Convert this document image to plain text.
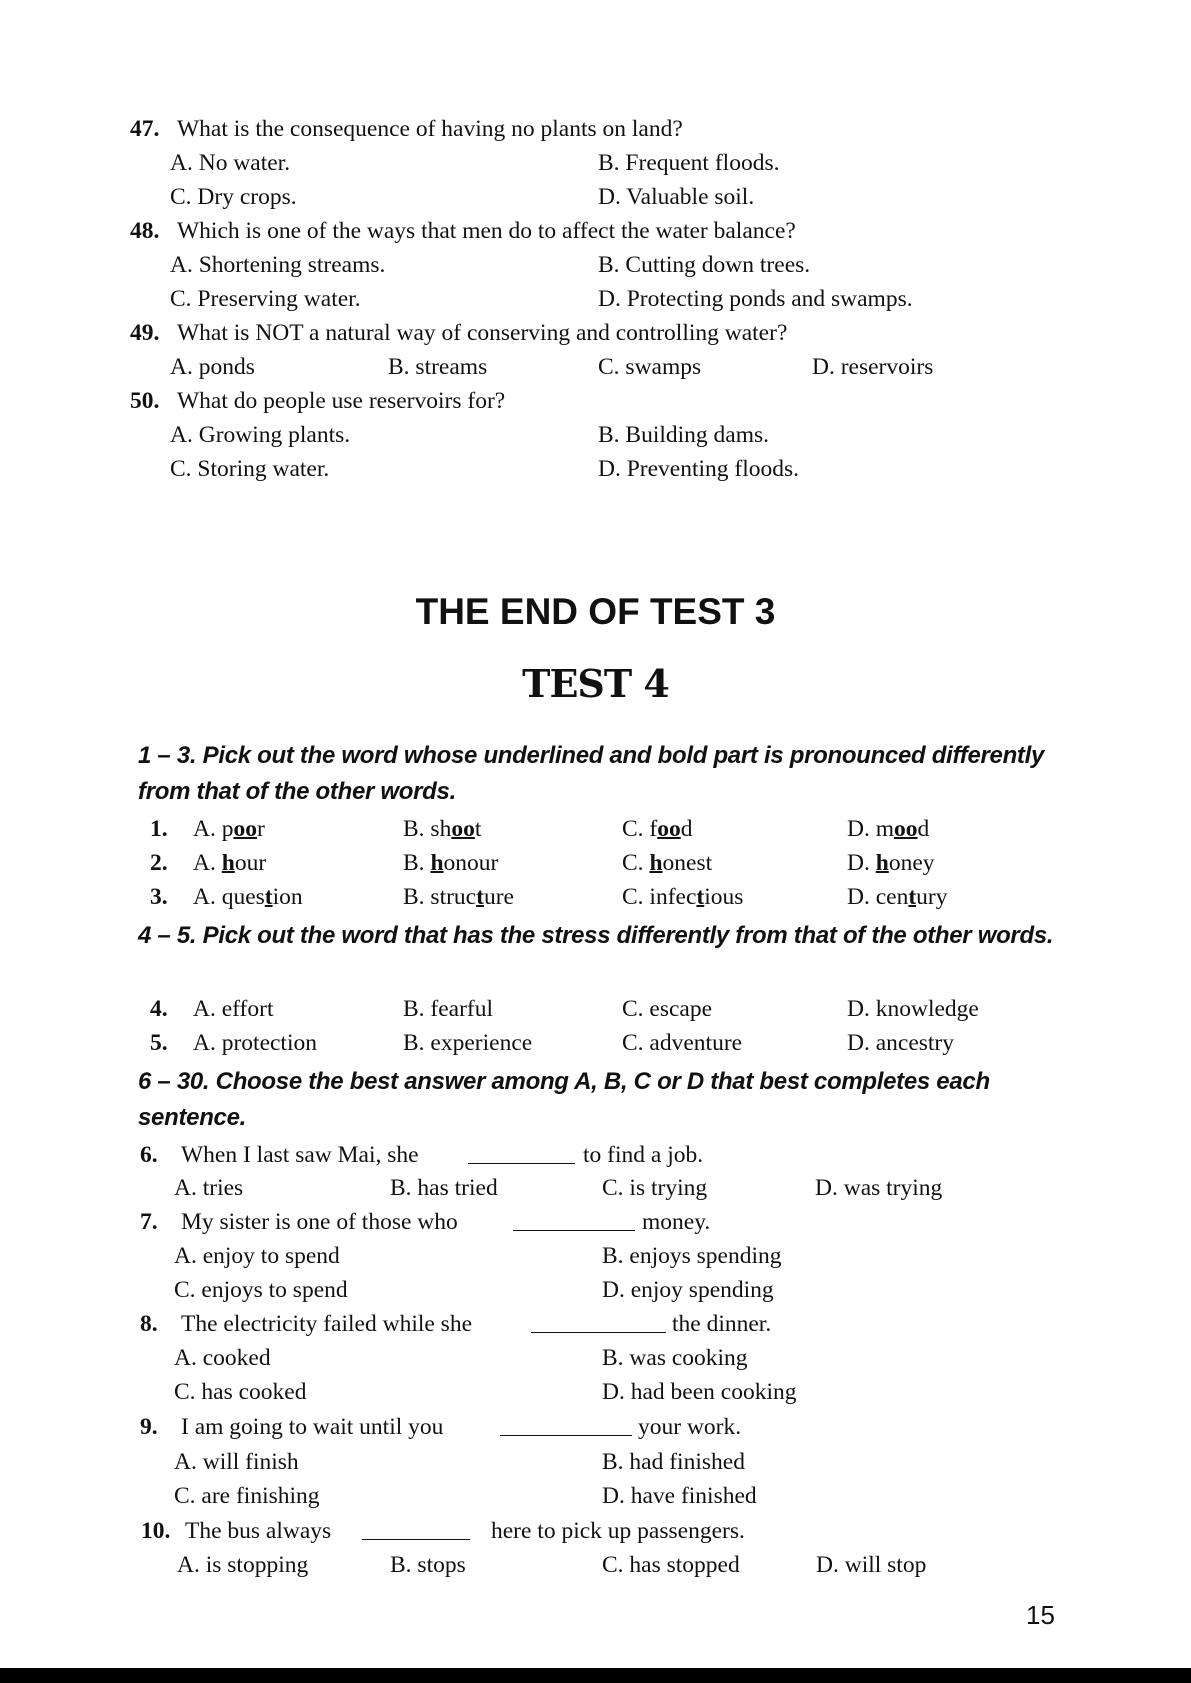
47. What is the consequence of having no plants on land?
A. No water.	B. Frequent floods.
C. Dry crops.	D. Valuable soil.
48. Which is one of the ways that men do to affect the water balance?
A. Shortening streams.	B. Cutting down trees.
C. Preserving water.	D. Protecting ponds and swamps.
49. What is NOT a natural way of conserving and controlling water?
A. ponds	B. streams	C. swamps	D. reservoirs
50. What do people use reservoirs for?
A. Growing plants.	B. Building dams.
C. Storing water.	D. Preventing floods.
THE END OF TEST 3
TEST 4
1 – 3. Pick out the word whose underlined and bold part is pronounced differently from that of the other words.
1. A. poor	B. shoot	C. food	D. mood
2. A. hour	B. honour	C. honest	D. honey
3. A. question	B. structure	C. infectious	D. century
4 – 5. Pick out the word that has the stress differently from that of the other words.
4. A. effort	B. fearful	C. escape	D. knowledge
5. A. protection	B. experience	C. adventure	D. ancestry
6 – 30. Choose the best answer among A, B, C or D that best completes each sentence.
6. When I last saw Mai, she	to find a job.
A. tries	B. has tried	C. is trying	D. was trying
7. My sister is one of those who	money.
A. enjoy to spend	B. enjoys spending
C. enjoys to spend	D. enjoy spending
8. The electricity failed while she	the dinner.
A. cooked	B. was cooking
C. has cooked	D. had been cooking
9. I am going to wait until you	your work.
A. will finish	B. had finished
C. are finishing	D. have finished
10. The bus always	here to pick up passengers.
A. is stopping	B. stops	C. has stopped	D. will stop
15
